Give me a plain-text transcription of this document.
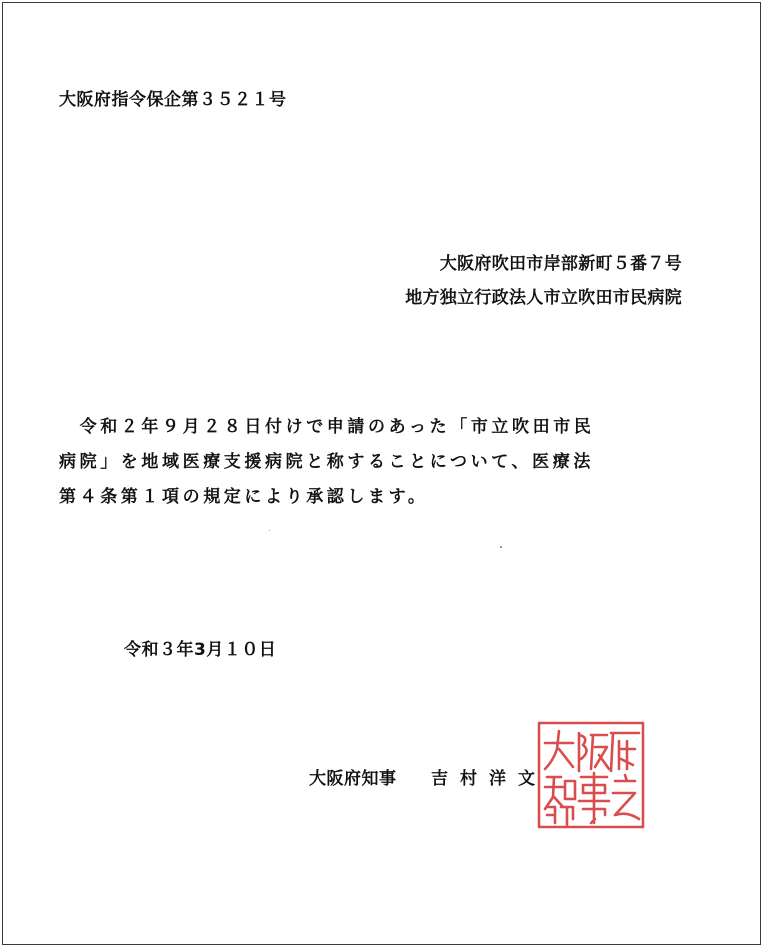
大阪府指令保企第３５２１号
大阪府吹田市岸部新町５番７号
地方独立行政法人市立吹田市民病院
　令和２年９月２８日付けで申請のあった「市立吹田市民
病院」を地域医療支援病院と称することについて、医療法
第４条第１項の規定により承認します。
令和３年3月１０日
大阪府知事 吉村洋文
